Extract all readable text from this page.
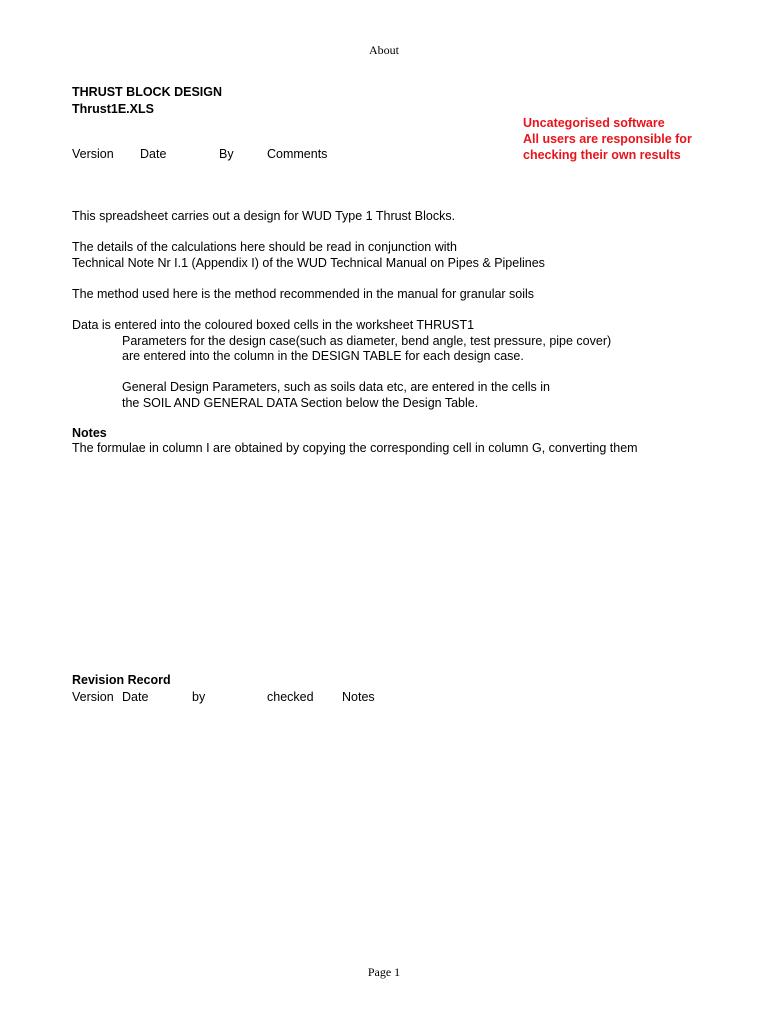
About
THRUST BLOCK DESIGN
Thrust1E.XLS
Uncategorised software
All users are responsible for
checking their own results
Version Date	By	Comments
This spreadsheet carries out a design for WUD Type 1 Thrust Blocks.
The details of the calculations here should be read in conjunction with
Technical Note Nr I.1 (Appendix I) of the WUD Technical Manual on Pipes & Pipelines
The method used here is the method recommended in the manual for granular soils
Data is entered into the coloured boxed cells in the worksheet THRUST1
Parameters for the design case(such as diameter, bend angle, test pressure, pipe cover)
are entered into the column in the DESIGN TABLE for each design case.
General Design Parameters, such as soils data etc, are entered in the cells in
the SOIL AND GENERAL DATA Section below the Design Table.
Notes
The formulae in column I are obtained by copying the corresponding cell in column G, converting them
Revision Record
Version Date	by	checked Notes
Page 1
